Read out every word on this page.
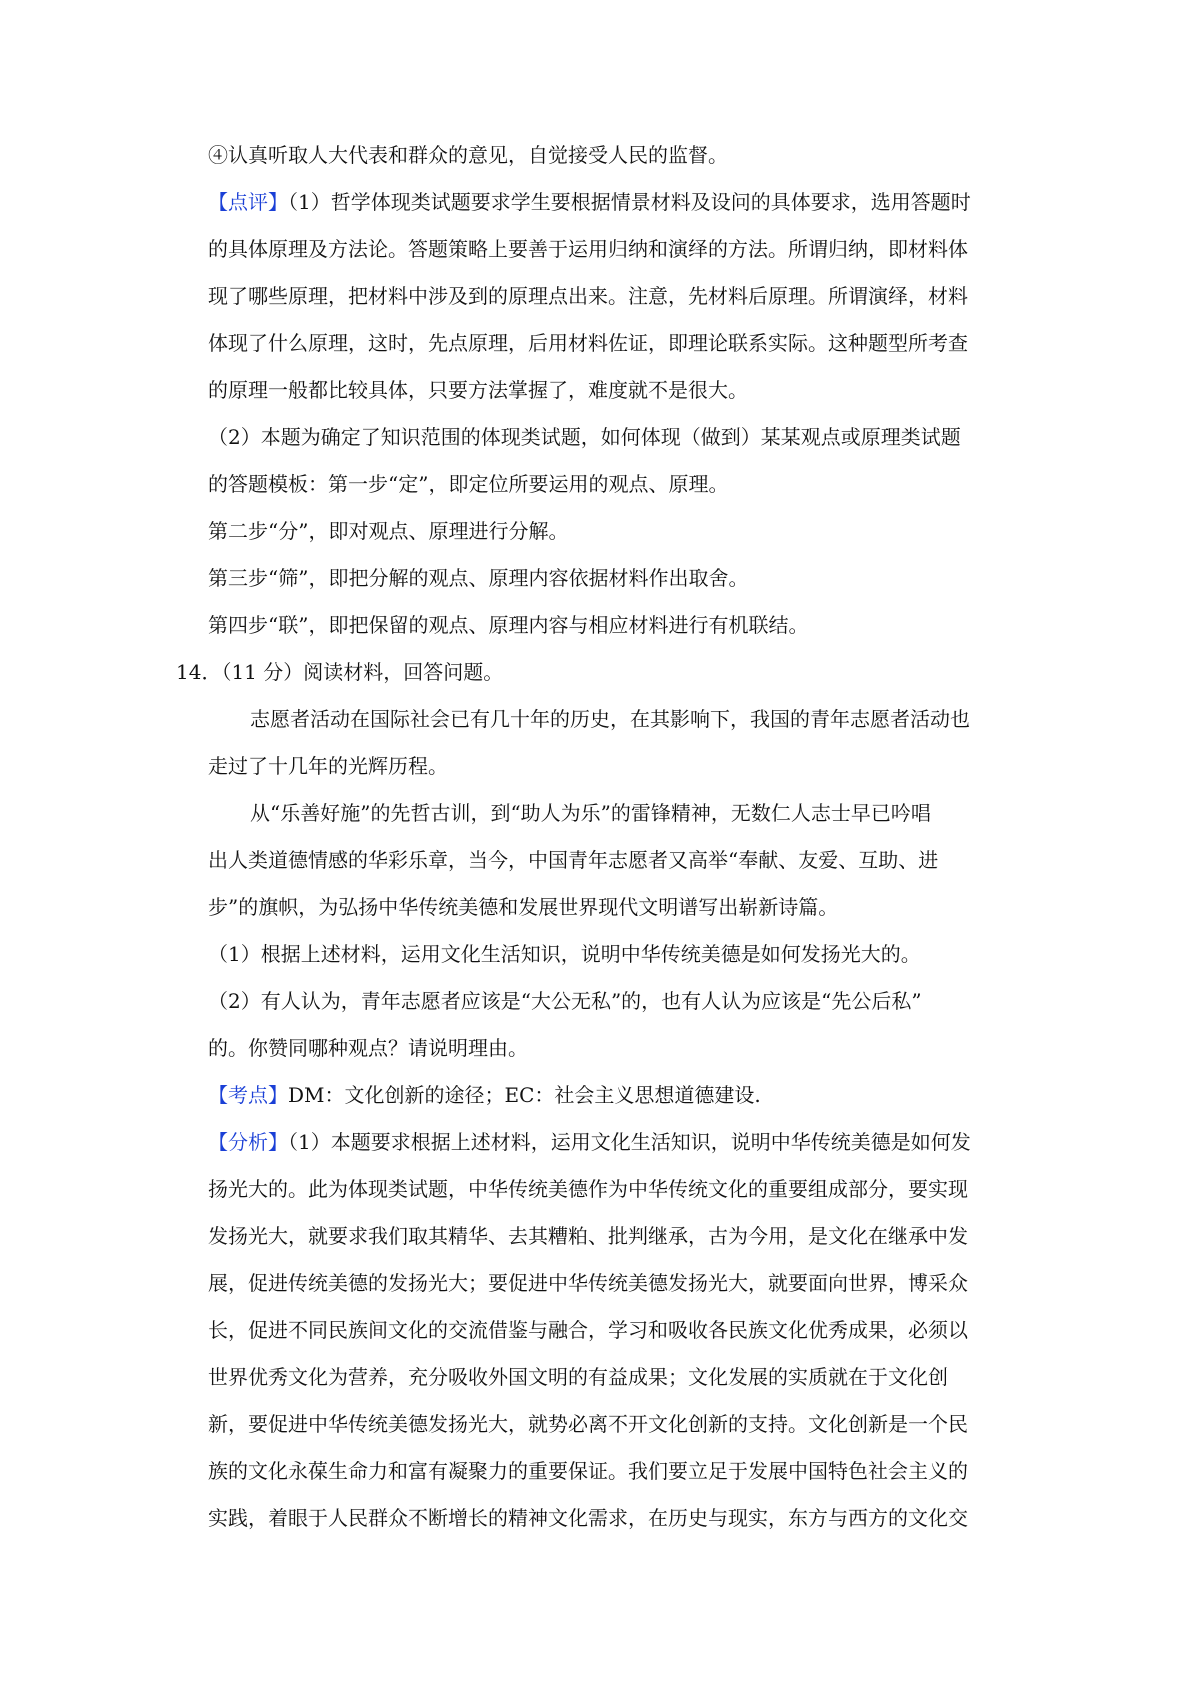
④认真听取人大代表和群众的意见，自觉接受人民的监督。
【点评】（1）哲学体现类试题要求学生要根据情景材料及设问的具体要求，选用答题时
的具体原理及方法论。答题策略上要善于运用归纳和演绎的方法。所谓归纳，即材料体
现了哪些原理，把材料中涉及到的原理点出来。注意，先材料后原理。所谓演绎，材料
体现了什么原理，这时，先点原理，后用材料佐证，即理论联系实际。这种题型所考查
的原理一般都比较具体，只要方法掌握了，难度就不是很大。
（2）本题为确定了知识范围的体现类试题，如何体现（做到）某某观点或原理类试题
的答题模板：第一步“定”，即定位所要运用的观点、原理。
第二步“分”，即对观点、原理进行分解。
第三步“筛”，即把分解的观点、原理内容依据材料作出取舍。
第四步“联”，即把保留的观点、原理内容与相应材料进行有机联结。
14．（11 分）阅读材料，回答问题。
志愿者活动在国际社会已有几十年的历史，在其影响下，我国的青年志愿者活动也
走过了十几年的光辉历程。
从“乐善好施”的先哲古训，到“助人为乐”的雷锋精神，无数仁人志士早已吟唱
出人类道德情感的华彩乐章，当今，中国青年志愿者又高举“奉献、友爱、互助、进
步”的旗帜，为弘扬中华传统美德和发展世界现代文明谱写出崭新诗篇。
（1）根据上述材料，运用文化生活知识，说明中华传统美德是如何发扬光大的。
（2）有人认为，青年志愿者应该是“大公无私”的，也有人认为应该是“先公后私”
的。你赞同哪种观点？请说明理由。
【考点】DM：文化创新的途径；EC：社会主义思想道德建设.
【分析】（1）本题要求根据上述材料，运用文化生活知识，说明中华传统美德是如何发
扬光大的。此为体现类试题，中华传统美德作为中华传统文化的重要组成部分，要实现
发扬光大，就要求我们取其精华、去其糟粕、批判继承，古为今用，是文化在继承中发
展，促进传统美德的发扬光大；要促进中华传统美德发扬光大，就要面向世界，博采众
长，促进不同民族间文化的交流借鉴与融合，学习和吸收各民族文化优秀成果，必须以
世界优秀文化为营养，充分吸收外国文明的有益成果；文化发展的实质就在于文化创
新，要促进中华传统美德发扬光大，就势必离不开文化创新的支持。文化创新是一个民
族的文化永葆生命力和富有凝聚力的重要保证。我们要立足于发展中国特色社会主义的
实践，着眼于人民群众不断增长的精神文化需求，在历史与现实，东方与西方的文化交
